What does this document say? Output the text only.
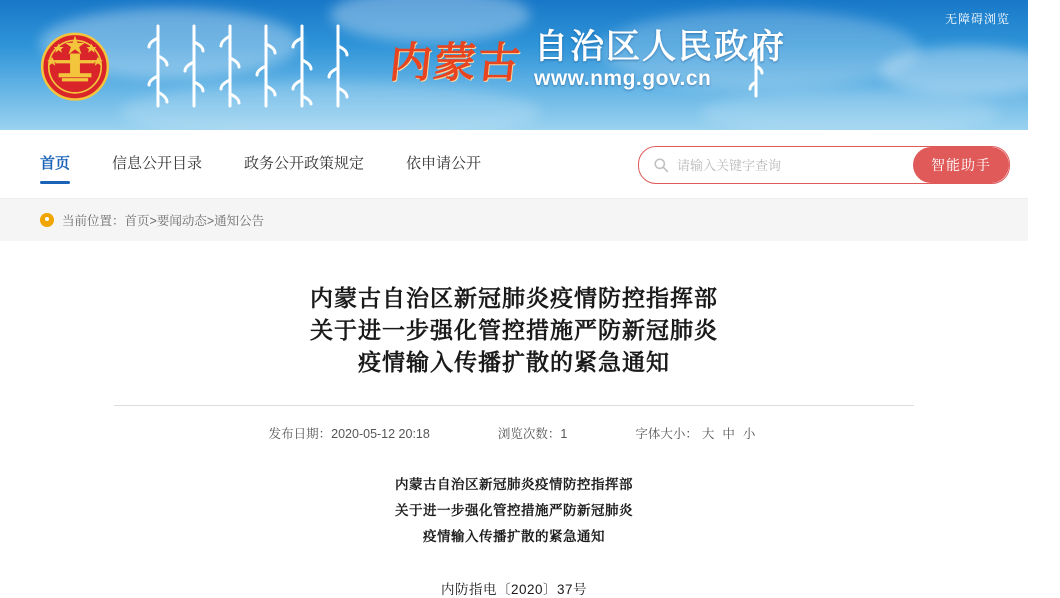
无障碍浏览
内蒙古 自治区人民政府
www.nmg.gov.cn
首页	信息公开目录	政务公开政策规定	依申请公开
请输入关键字查询	智能助手
当前位置：首页>要闻动态>通知公告
内蒙古自治区新冠肺炎疫情防控指挥部
关于进一步强化管控措施严防新冠肺炎
疫情输入传播扩散的紧急通知
发布日期：2020-05-12 20:18	浏览次数：1	字体大小： 大 中 小
内蒙古自治区新冠肺炎疫情防控指挥部
关于进一步强化管控措施严防新冠肺炎
疫情输入传播扩散的紧急通知
内防指电〔2020〕37号
